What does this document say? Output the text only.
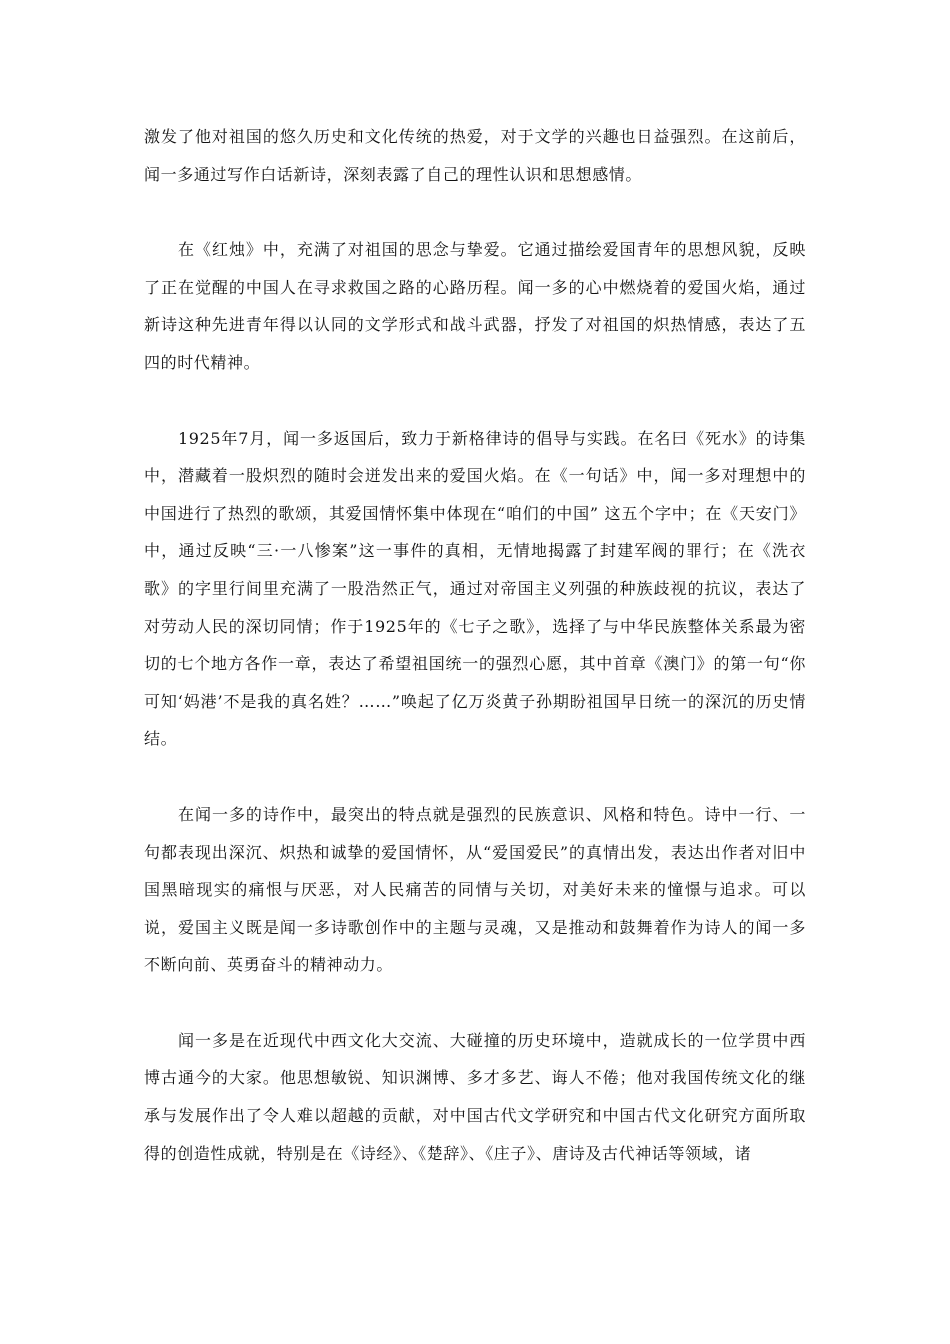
激发了他对祖国的悠久历史和文化传统的热爱，对于文学的兴趣也日益强烈。在这前后，闻一多通过写作白话新诗，深刻表露了自己的理性认识和思想感情。

在《红烛》中，充满了对祖国的思念与挚爱。它通过描绘爱国青年的思想风貌，反映了正在觉醒的中国人在寻求救国之路的心路历程。闻一多的心中燃烧着的爱国火焰，通过新诗这种先进青年得以认同的文学形式和战斗武器，抒发了对祖国的炽热情感，表达了五四的时代精神。

1925年7月，闻一多返国后，致力于新格律诗的倡导与实践。在名曰《死水》的诗集中，潜藏着一股炽烈的随时会迸发出来的爱国火焰。在《一句话》中，闻一多对理想中的中国进行了热烈的歌颂，其爱国情怀集中体现在“咱们的中国” 这五个字中；在《天安门》中，通过反映“三·一八惨案”这一事件的真相，无情地揭露了封建军阀的罪行；在《洗衣歌》的字里行间里充满了一股浩然正气，通过对帝国主义列强的种族歧视的抗议，表达了对劳动人民的深切同情；作于1925年的《七子之歌》，选择了与中华民族整体关系最为密切的七个地方各作一章，表达了希望祖国统一的强烈心愿，其中首章《澳门》的第一句“你可知‘妈港’不是我的真名姓？……”唤起了亿万炎黄子孙期盼祖国早日统一的深沉的历史情结。

在闻一多的诗作中，最突出的特点就是强烈的民族意识、风格和特色。诗中一行、一句都表现出深沉、炽热和诚挚的爱国情怀，从“爱国爱民”的真情出发，表达出作者对旧中国黑暗现实的痛恨与厌恶，对人民痛苦的同情与关切，对美好未来的憧憬与追求。可以说，爱国主义既是闻一多诗歌创作中的主题与灵魂，又是推动和鼓舞着作为诗人的闻一多不断向前、英勇奋斗的精神动力。

闻一多是在近现代中西文化大交流、大碰撞的历史环境中，造就成长的一位学贯中西博古通今的大家。他思想敏锐、知识渊博、多才多艺、诲人不倦；他对我国传统文化的继承与发展作出了令人难以超越的贡献，对中国古代文学研究和中国古代文化研究方面所取得的创造性成就，特别是在《诗经》、《楚辞》、《庄子》、唐诗及古代神话等领域，诸
